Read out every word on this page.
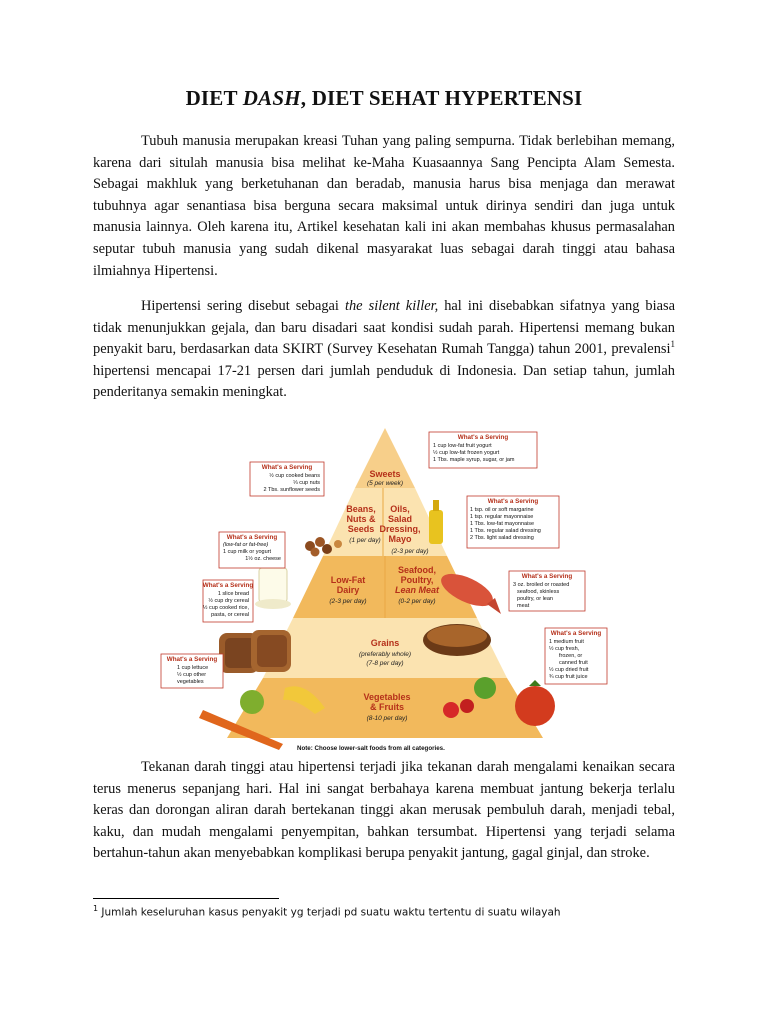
DIET DASH, DIET SEHAT HYPERTENSI

Tubuh manusia merupakan kreasi Tuhan yang paling sempurna. Tidak berlebihan memang, karena dari situlah manusia bisa melihat ke-Maha Kuasaannya Sang Pencipta Alam Semesta. Sebagai makhluk yang berketuhanan dan beradab, manusia harus bisa menjaga dan merawat tubuhnya agar senantiasa bisa berguna secara maksimal untuk dirinya sendiri dan juga untuk manusia lainnya. Oleh karena itu, Artikel kesehatan kali ini akan membahas khusus permasalahan seputar tubuh manusia yang sudah dikenal masyarakat luas sebagai darah tinggi atau bahasa ilmiahnya Hipertensi.

Hipertensi sering disebut sebagai the silent killer, hal ini disebabkan sifatnya yang biasa tidak menunjukkan gejala, dan baru disadari saat kondisi sudah parah. Hipertensi memang bukan penyakit baru, berdasarkan data SKIRT (Survey Kesehatan Rumah Tangga) tahun 2001, prevalensi$^1$ hipertensi mencapai 17-21 persen dari jumlah penduduk di Indonesia. Dan setiap tahun, jumlah penderitanya semakin meningkat.

Sweets
(5 per week)
Beans,
Nuts &
Seeds
(1 per day)
Oils,
Salad
Dressing,
Mayo
(2-3 per day)
Low-Fat
Dairy
(2-3 per day)
Seafood,
Poultry,
Lean Meat
(0-2 per day)
Grains
(preferably whole)
(7-8 per day)
Vegetables
& Fruits
(8-10 per day)
What's a Serving
1 cup low-fat fruit yogurt
½ cup low-fat frozen yogurt
1 Tbs. maple syrup, sugar, or jam
What's a Serving
½ cup cooked beans
⅓ cup nuts
2 Tbs. sunflower seeds
What's a Serving
1 tsp. oil or soft margarine
1 tsp. regular mayonnaise
1 Tbs. low-fat mayonnaise
1 Tbs. regular salad dressing
2 Tbs. light salad dressing
What's a Serving
(low-fat or fat-free)
1 cup milk or yogurt
1½ oz. cheese
What's a Serving
3 oz. broiled or roasted
seafood, skinless
poultry, or lean
meat
What's a Serving
1 slice bread
½ cup dry cereal
½ cup cooked rice,
pasta, or cereal
What's a Serving
1 medium fruit
½ cup fresh,
frozen, or
canned fruit
½ cup dried fruit
¾ cup fruit juice
What's a Serving
1 cup lettuce
½ cup other
vegetables
Note: Choose lower-salt foods from all categories.

Tekanan darah tinggi atau hipertensi terjadi jika tekanan darah mengalami kenaikan secara terus menerus sepanjang hari. Hal ini sangat berbahaya karena membuat jantung bekerja terlalu keras dan dorongan aliran darah bertekanan tinggi akan merusak pembuluh darah, menjadi tebal, kaku, dan mudah mengalami penyempitan, bahkan tersumbat. Hipertensi yang terjadi selama bertahun-tahun akan menyebabkan komplikasi berupa penyakit jantung, gagal ginjal, dan stroke.

$^1$ Jumlah keseluruhan kasus penyakit yg terjadi pd suatu waktu tertentu di suatu wilayah
